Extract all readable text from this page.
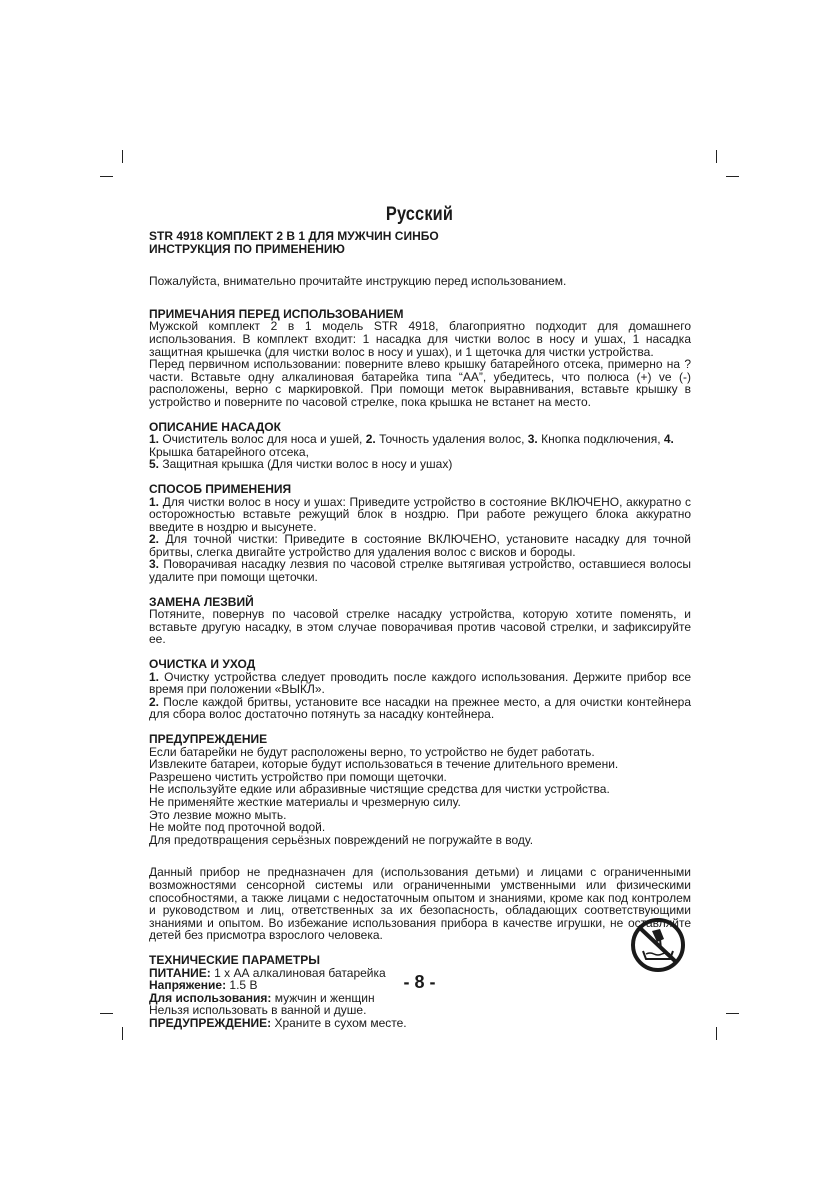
Русский
STR 4918 КОМПЛЕКТ 2 В 1 ДЛЯ МУЖЧИН СИНБО
ИНСТРУКЦИЯ ПО ПРИМЕНЕНИЮ

Пожалуйста, внимательно прочитайте инструкцию перед использованием.

ПРИМЕЧАНИЯ ПЕРЕД ИСПОЛЬЗОВАНИЕМ

Мужской комплект 2 в 1 модель STR 4918, благоприятно подходит для домашнего использования. В комплект входит: 1 насадка для чистки волос в носу и ушах, 1 насадка защитная крышечка (для чистки волос в носу и ушах), и 1 щеточка для чистки устройства.

Перед первичном использовании: поверните влево крышку батарейного отсека, примерно на ? части. Вставьте одну алкалиновая батарейка типа “АА”, убедитесь, что полюса (+) ve (-) расположены, верно с маркировкой. При помощи меток выравнивания, вставьте крышку в устройство и поверните по часовой стрелке, пока крышка не встанет на место.

ОПИСАНИЕ НАСАДОК

1. Очиститель волос для носа и ушей, 2. Точность удаления волос, 3. Кнопка подключения, 4. Крышка батарейного отсека,

5. Защитная крышка (Для чистки волос в носу и ушах)

СПОСОБ ПРИМЕНЕНИЯ

1. Для чистки волос в носу и ушах: Приведите устройство в состояние ВКЛЮЧЕНО, аккуратно с осторожностью вставьте режущий блок в ноздрю. При работе режущего блока аккуратно введите в ноздрю и высунете.

2. Для точной чистки: Приведите в состояние ВКЛЮЧЕНО, установите насадку для точной бритвы, слегка двигайте устройство для удаления волос с висков и бороды.

3. Поворачивая насадку лезвия по часовой стрелке вытягивая устройство, оставшиеся волосы удалите при помощи щеточки.

ЗАМЕНА ЛЕЗВИЙ

Потяните, повернув по часовой стрелке насадку устройства, которую хотите поменять, и вставьте другую насадку, в этом случае поворачивая против часовой стрелки, и зафиксируйте ее.

ОЧИСТКА И УХОД

1. Очистку устройства следует проводить после каждого использования. Держите прибор все время при положении «ВЫКЛ».

2. После каждой бритвы, установите все насадки на прежнее место, а для очистки контейнера для сбора волос достаточно потянуть за насадку контейнера.

ПРЕДУПРЕЖДЕНИЕ

Если батарейки не будут расположены верно, то устройство не будет работать.

Извлеките батареи, которые будут использоваться в течение длительного времени.

Разрешено чистить устройство при помощи щеточки.

Не используйте едкие или абразивные чистящие средства для чистки устройства.

Не применяйте жесткие материалы и чрезмерную силу.

Это лезвие можно мыть.

Не мойте под проточной водой.

Для предотвращения серьёзных повреждений не погружайте в воду.

Данный прибор не предназначен для (использования детьми) и лицами с ограниченными возможностями сенсорной системы или ограниченными умственными или физическими способностями, а также лицами с недостаточным опытом и знаниями, кроме как под контролем и руководством и лиц, ответственных за их безопасность, обладающих соответствующими знаниями и опытом. Во избежание использования прибора в качестве игрушки, не оставляйте детей без присмотра взрослого человека.

ТЕХНИЧЕСКИЕ ПАРАМЕТРЫ

ПИТАНИЕ: 1 х АА алкалиновая батарейка

Напряжение: 1.5 В

Для использования: мужчин и женщин

Нельзя использовать в ванной и душе.

ПРЕДУПРЕЖДЕНИЕ: Храните в сухом месте.

- 8 -
